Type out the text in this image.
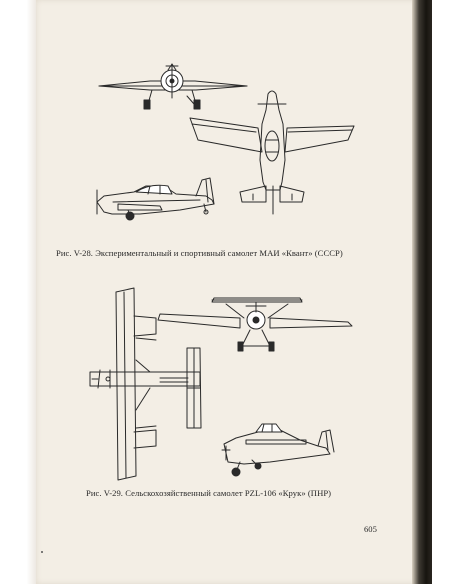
Рис. V-28. Экспериментальный и спортивный самолет МАИ «Квант» (СССР)
Рис. V-29. Сельскохозяйственный самолет PZL-106 «Крук» (ПНР)
605
